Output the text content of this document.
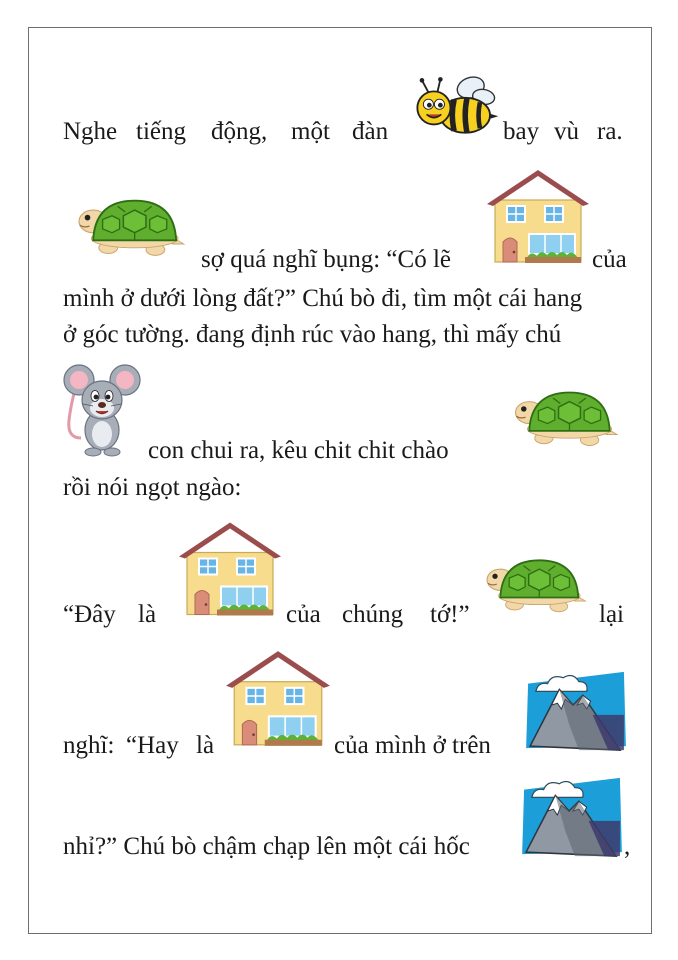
Nghe tiếng động, một đàn	bay vù ra.
sợ quá nghĩ bụng: “Có lẽ	của
mình ở dưới lòng đất?” Chú bò đi, tìm một cái hang
ở góc tường. đang định rúc vào hang, thì mấy chú
con chui ra, kêu chit chit chào
rồi nói ngọt ngào:
“Đây là	của chúng tớ!”	lại
nghĩ: “Hay là	của mình ở trên
nhỉ?” Chú bò chậm chạp lên một cái hốc	,
